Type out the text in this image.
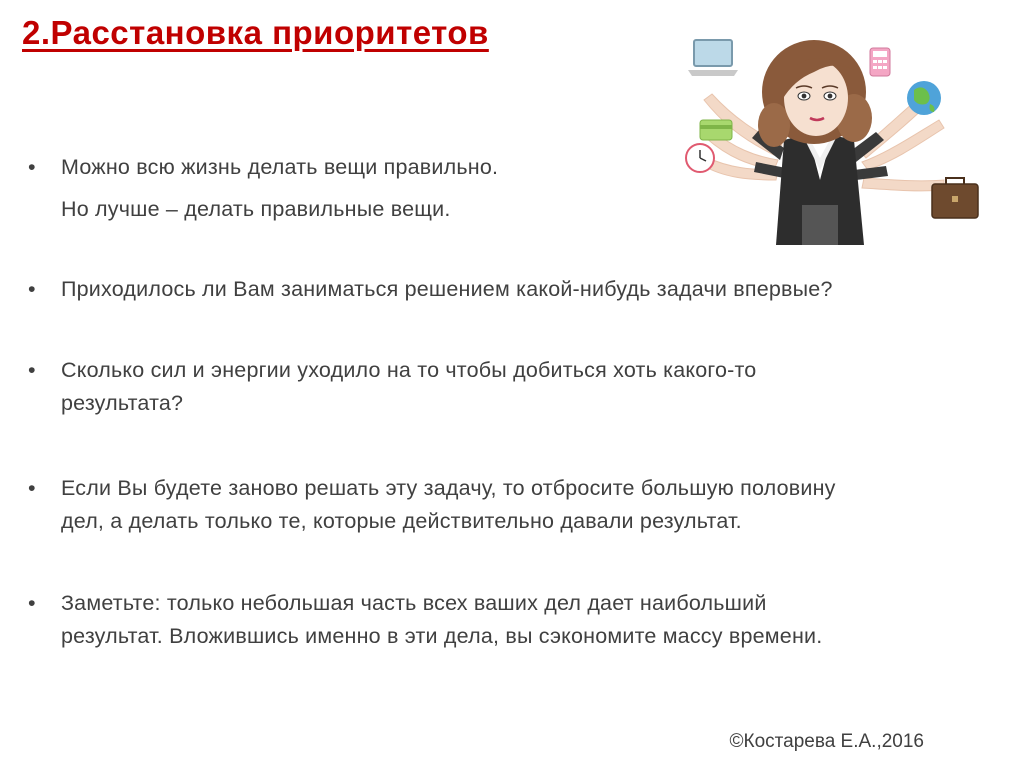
2.Расстановка приоритетов
•	Можно всю жизнь делать вещи правильно.
Но лучше – делать правильные вещи.
•	Приходилось ли Вам заниматься решением какой-нибудь задачи впервые?
•	Сколько сил и энергии уходило на то чтобы добиться хоть какого-то
результата?
•	Если Вы будете заново решать эту задачу, то отбросите большую половину
дел, а делать только те, которые действительно давали результат.
•	Заметьте: только небольшая часть всех ваших дел дает наибольший
результат. Вложившись именно в эти дела, вы сэкономите массу времени.
©Костарева Е.А.,2016
